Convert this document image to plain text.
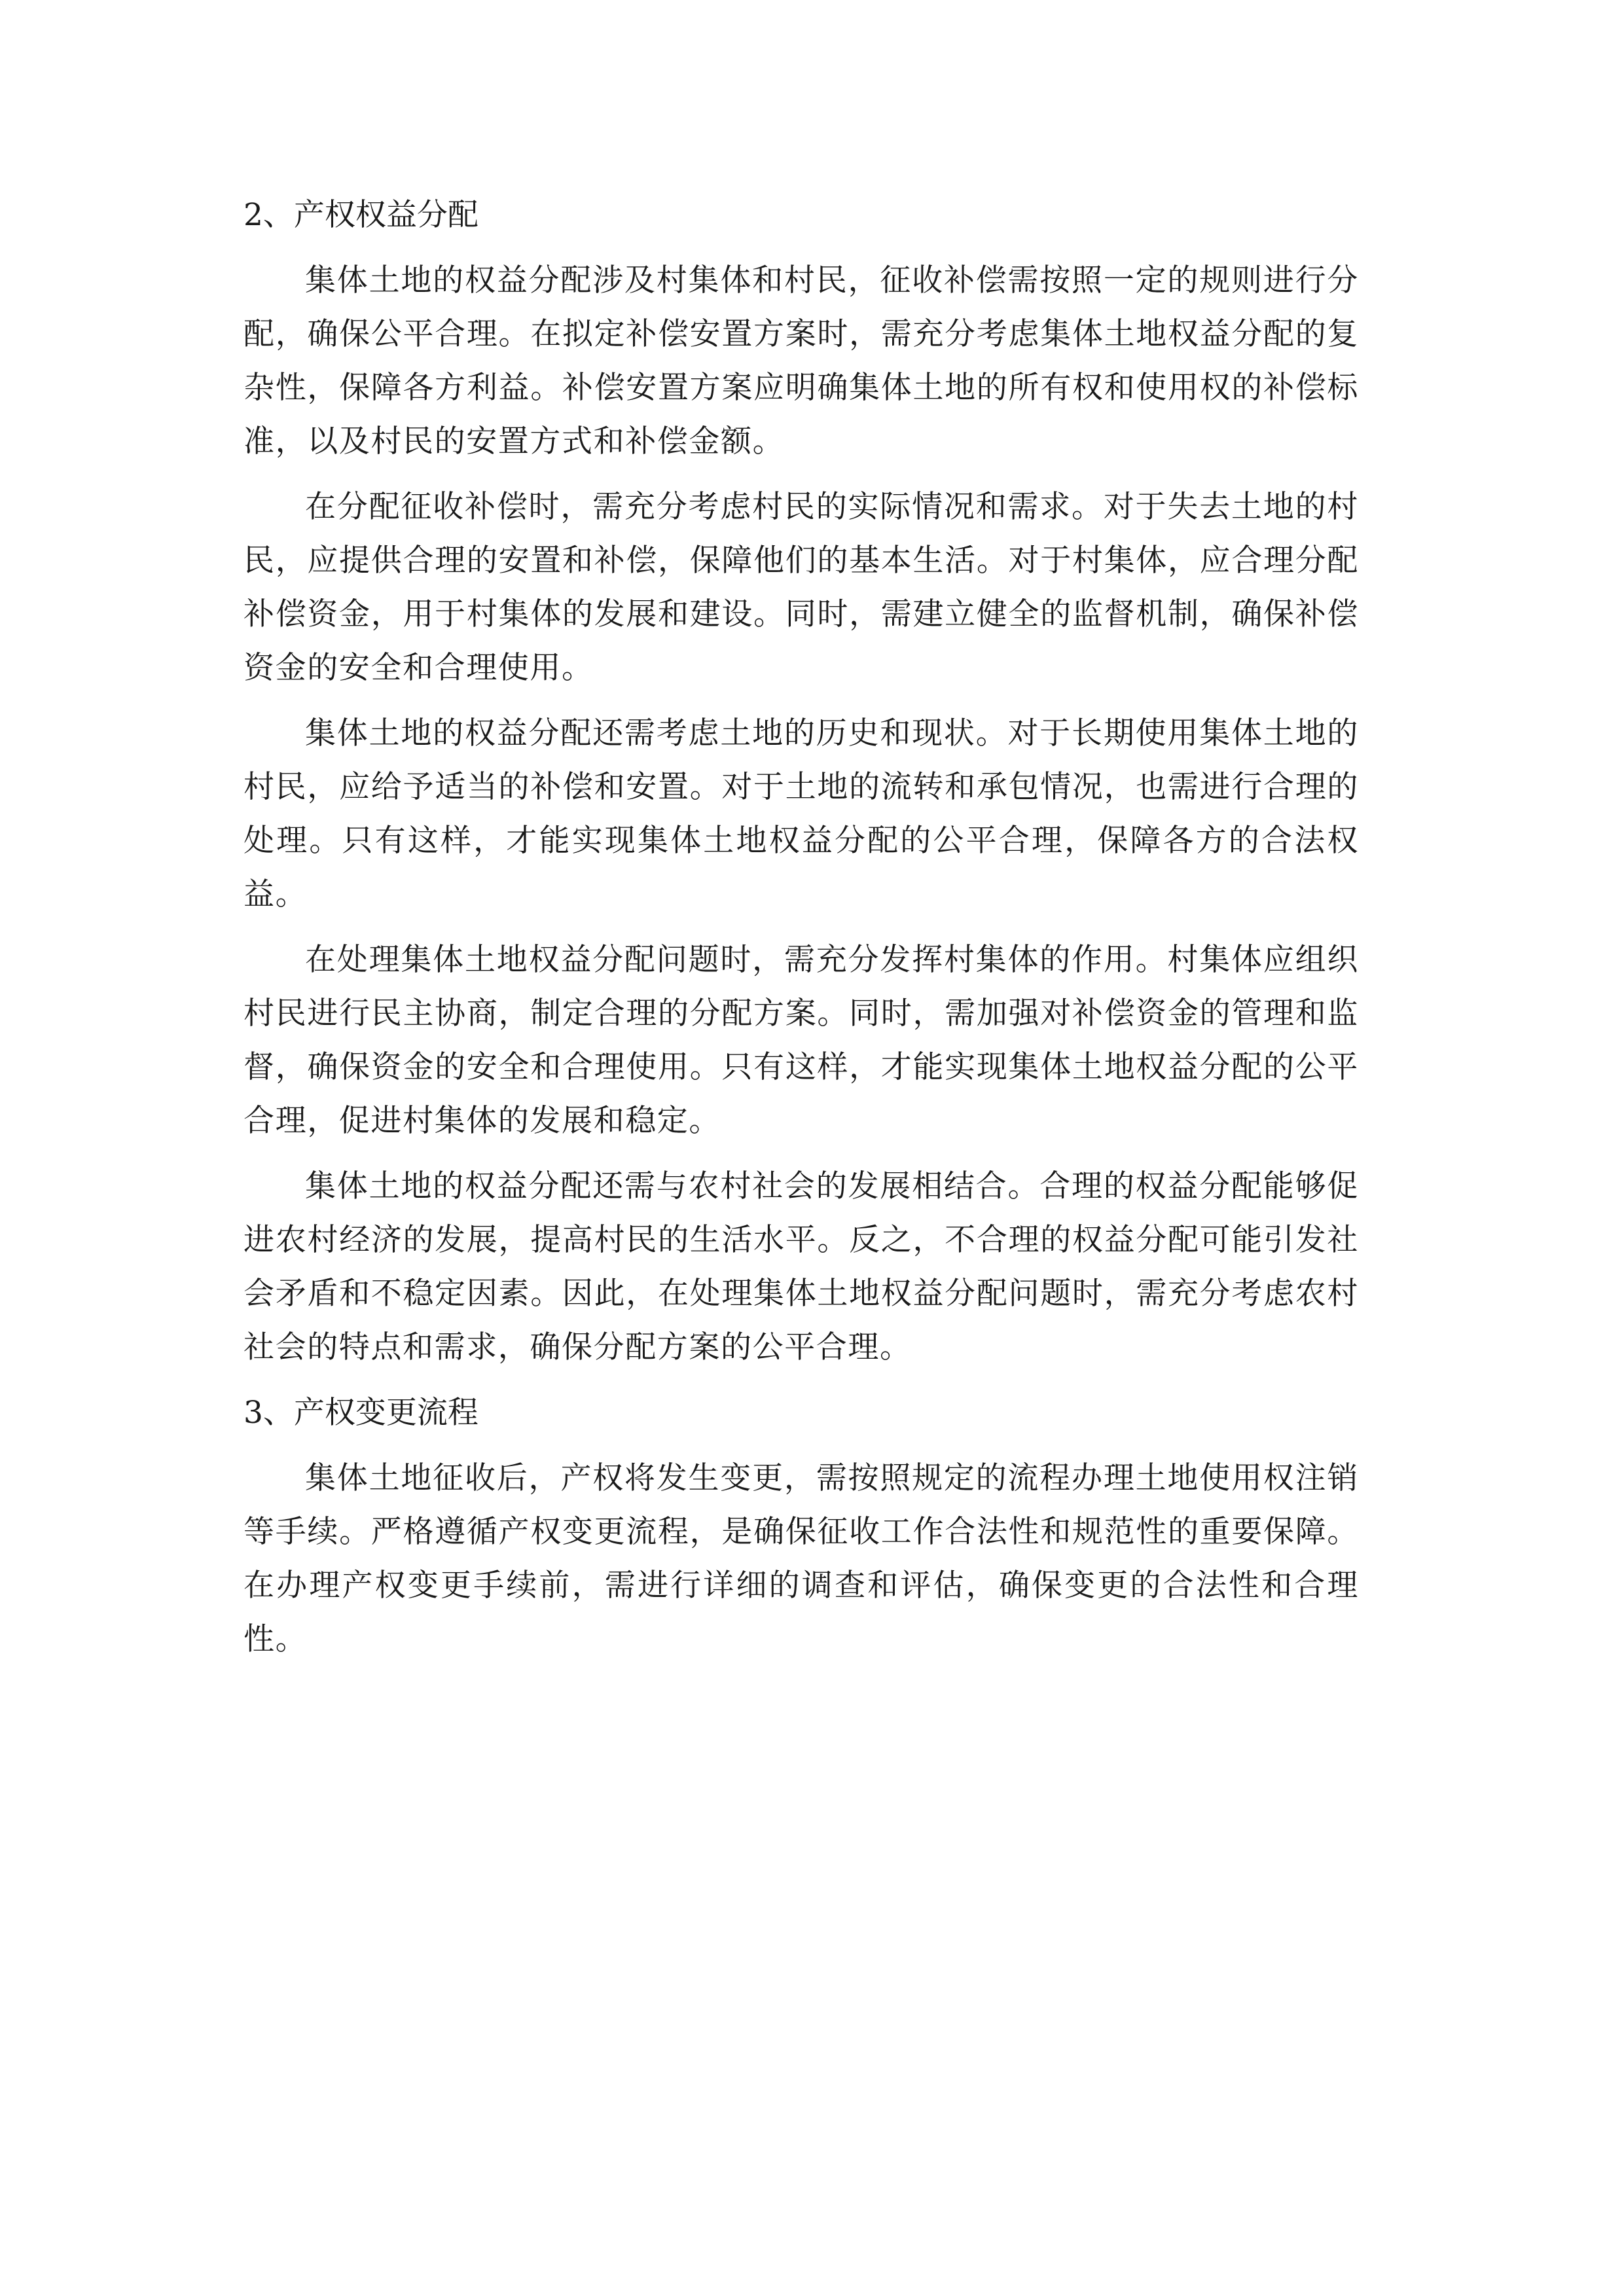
2、产权权益分配

集体土地的权益分配涉及村集体和村民，征收补偿需按照一定的规则进行分配，确保公平合理。在拟定补偿安置方案时，需充分考虑集体土地权益分配的复杂性，保障各方利益。补偿安置方案应明确集体土地的所有权和使用权的补偿标准，以及村民的安置方式和补偿金额。

在分配征收补偿时，需充分考虑村民的实际情况和需求。对于失去土地的村民，应提供合理的安置和补偿，保障他们的基本生活。对于村集体，应合理分配补偿资金，用于村集体的发展和建设。同时，需建立健全的监督机制，确保补偿资金的安全和合理使用。

集体土地的权益分配还需考虑土地的历史和现状。对于长期使用集体土地的村民，应给予适当的补偿和安置。对于土地的流转和承包情况，也需进行合理的处理。只有这样，才能实现集体土地权益分配的公平合理，保障各方的合法权益。

在处理集体土地权益分配问题时，需充分发挥村集体的作用。村集体应组织村民进行民主协商，制定合理的分配方案。同时，需加强对补偿资金的管理和监督，确保资金的安全和合理使用。只有这样，才能实现集体土地权益分配的公平合理，促进村集体的发展和稳定。

集体土地的权益分配还需与农村社会的发展相结合。合理的权益分配能够促进农村经济的发展，提高村民的生活水平。反之，不合理的权益分配可能引发社会矛盾和不稳定因素。因此，在处理集体土地权益分配问题时，需充分考虑农村社会的特点和需求，确保分配方案的公平合理。

3、产权变更流程

集体土地征收后，产权将发生变更，需按照规定的流程办理土地使用权注销等手续。严格遵循产权变更流程，是确保征收工作合法性和规范性的重要保障。在办理产权变更手续前，需进行详细的调查和评估，确保变更的合法性和合理性。
